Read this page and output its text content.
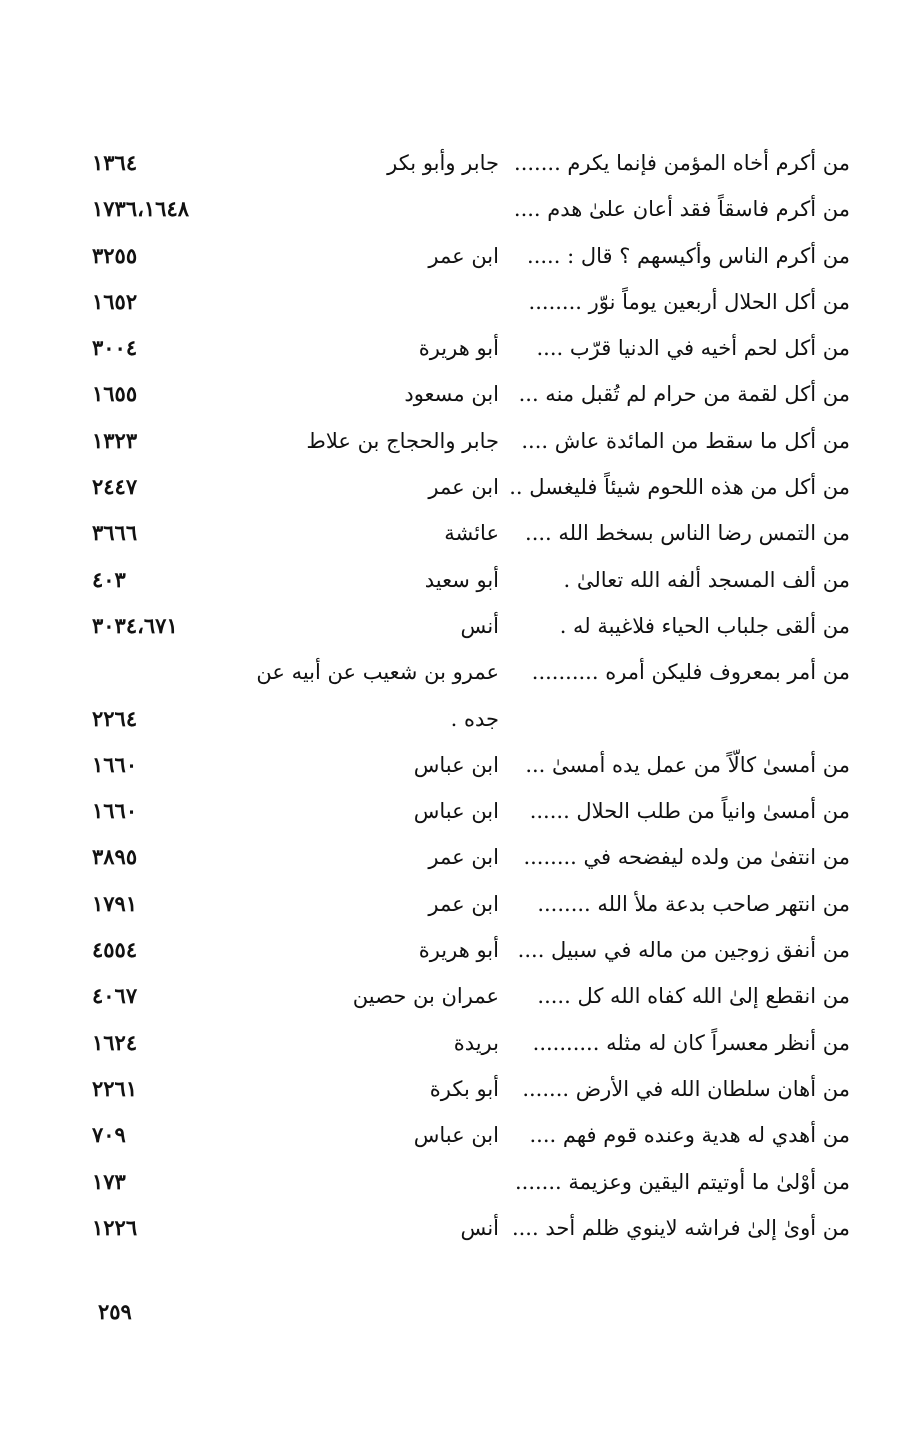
من أكرم أخاه المؤمن فإنما يكرم .......
جابر وأبو بكر
١٣٦٤
من أكرم فاسقاً فقد أعان علىٰ هدم ....
١٧٣٦،١٦٤٨
من أكرم الناس وأكيسهم ؟ قال : .....
ابن عمر
٣٢٥٥
من أكل الحلال أربعين يوماً نوّر ........
١٦٥٢
من أكل لحم أخيه في الدنيا قرّب ....
أبو هريرة
٣٠٠٤
من أكل لقمة من حرام لم تُقبل منه ...
ابن مسعود
١٦٥٥
من أكل ما سقط من المائدة عاش ....
جابر والحجاج بن علاط
١٣٢٣
من أكل من هذه اللحوم شيئاً فليغسل ..
ابن عمر
٢٤٤٧
من التمس رضا الناس بسخط الله ....
عائشة
٣٦٦٦
من ألف المسجد ألفه الله تعالىٰ .
أبو سعيد
٤٠٣
من ألقى جلباب الحياء فلاغيبة له .
أنس
٣٠٣٤،٦٧١
من أمر بمعروف فليكن أمره ..........
عمرو بن شعيب عن أبيه عن
جده .
٢٢٦٤
من أمسىٰ كالّاً من عمل يده أمسىٰ ...
ابن عباس
١٦٦٠
من أمسىٰ وانياً من طلب الحلال ......
ابن عباس
١٦٦٠
من انتفىٰ من ولده ليفضحه في ........
ابن عمر
٣٨٩٥
من انتهر صاحب بدعة ملأ الله ........
ابن عمر
١٧٩١
من أنفق زوجين من ماله في سبيل ....
أبو هريرة
٤٥٥٤
من انقطع إلىٰ الله كفاه الله كل .....
عمران بن حصين
٤٠٦٧
من أنظر معسراً كان له مثله ..........
بريدة
١٦٢٤
من أهان سلطان الله في الأرض .......
أبو بكرة
٢٢٦١
من أهدي له هدية وعنده قوم فهم ....
ابن عباس
٧٠٩
من أوْلىٰ ما أوتيتم اليقين وعزيمة .......
١٧٣
من أوىٰ إلىٰ فراشه لاينوي ظلم أحد ....
أنس
١٢٢٦
٢٥٩
